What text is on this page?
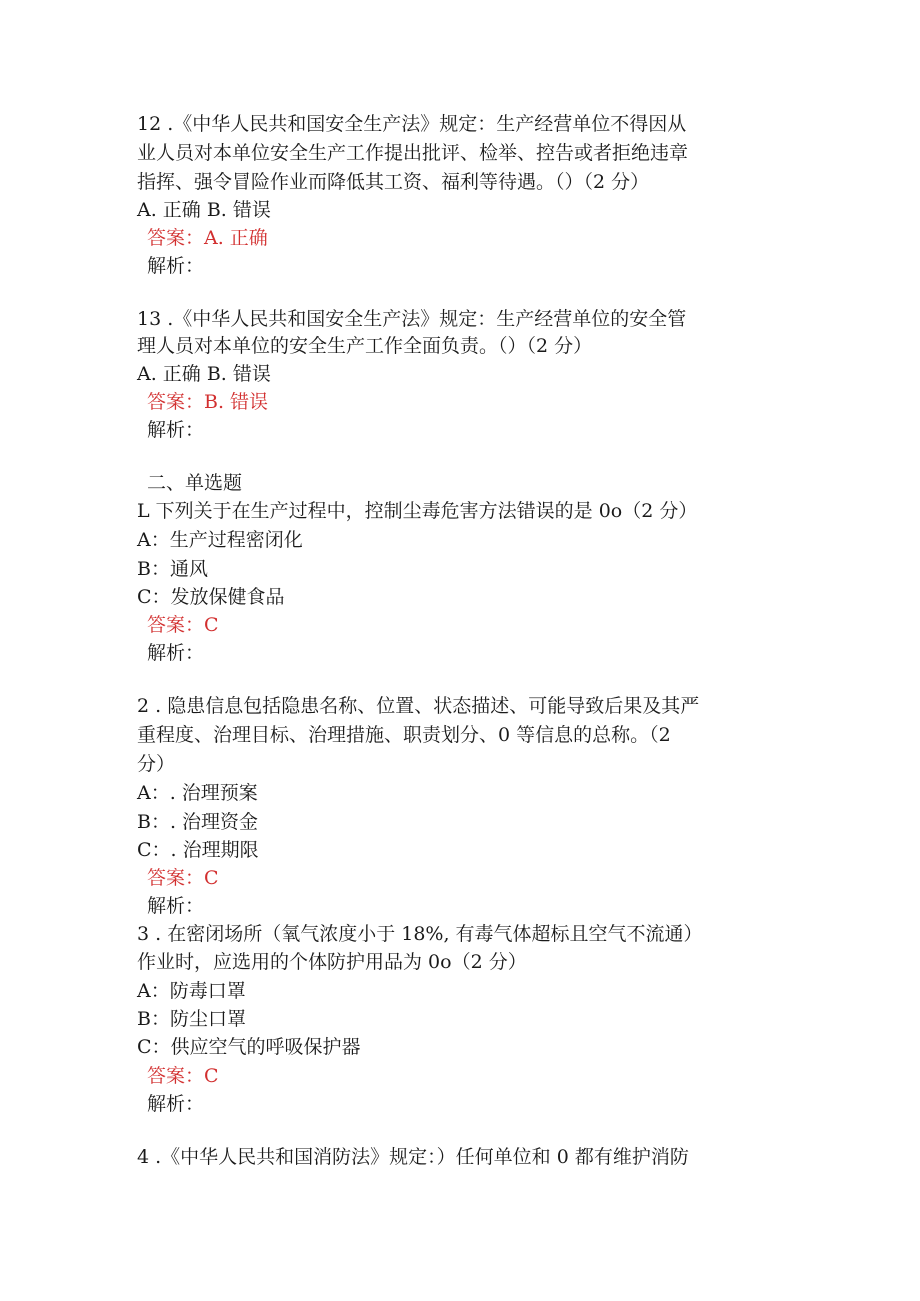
12 .《中华人民共和国安全生产法》规定：生产经营单位不得因从
业人员对本单位安全生产工作提出批评、检举、控告或者拒绝违章
指挥、强令冒险作业而降低其工资、福利等待遇。（）（2 分）
A. 正确 B. 错误
答案：A. 正确
解析：
13 .《中华人民共和国安全生产法》规定：生产经营单位的安全管
理人员对本单位的安全生产工作全面负责。（）（2 分）
A. 正确 B. 错误
答案：B. 错误
解析：
二、单选题
L 下列关于在生产过程中，控制尘毒危害方法错误的是 0o（2 分）
A：生产过程密闭化
B：通风
C：发放保健食品
答案：C
解析：
2 . 隐患信息包括隐患名称、位置、状态描述、可能导致后果及其严
重程度、治理目标、治理措施、职责划分、0 等信息的总称。（2
分）
A：. 治理预案
B：. 治理资金
C：. 治理期限
答案：C
解析：
3 . 在密闭场所（氧气浓度小于 18%, 有毒气体超标且空气不流通）
作业时，应选用的个体防护用品为 0o（2 分）
A：防毒口罩
B：防尘口罩
C：供应空气的呼吸保护器
答案：C
解析：
4 .《中华人民共和国消防法》规定：）任何单位和 0 都有维护消防
